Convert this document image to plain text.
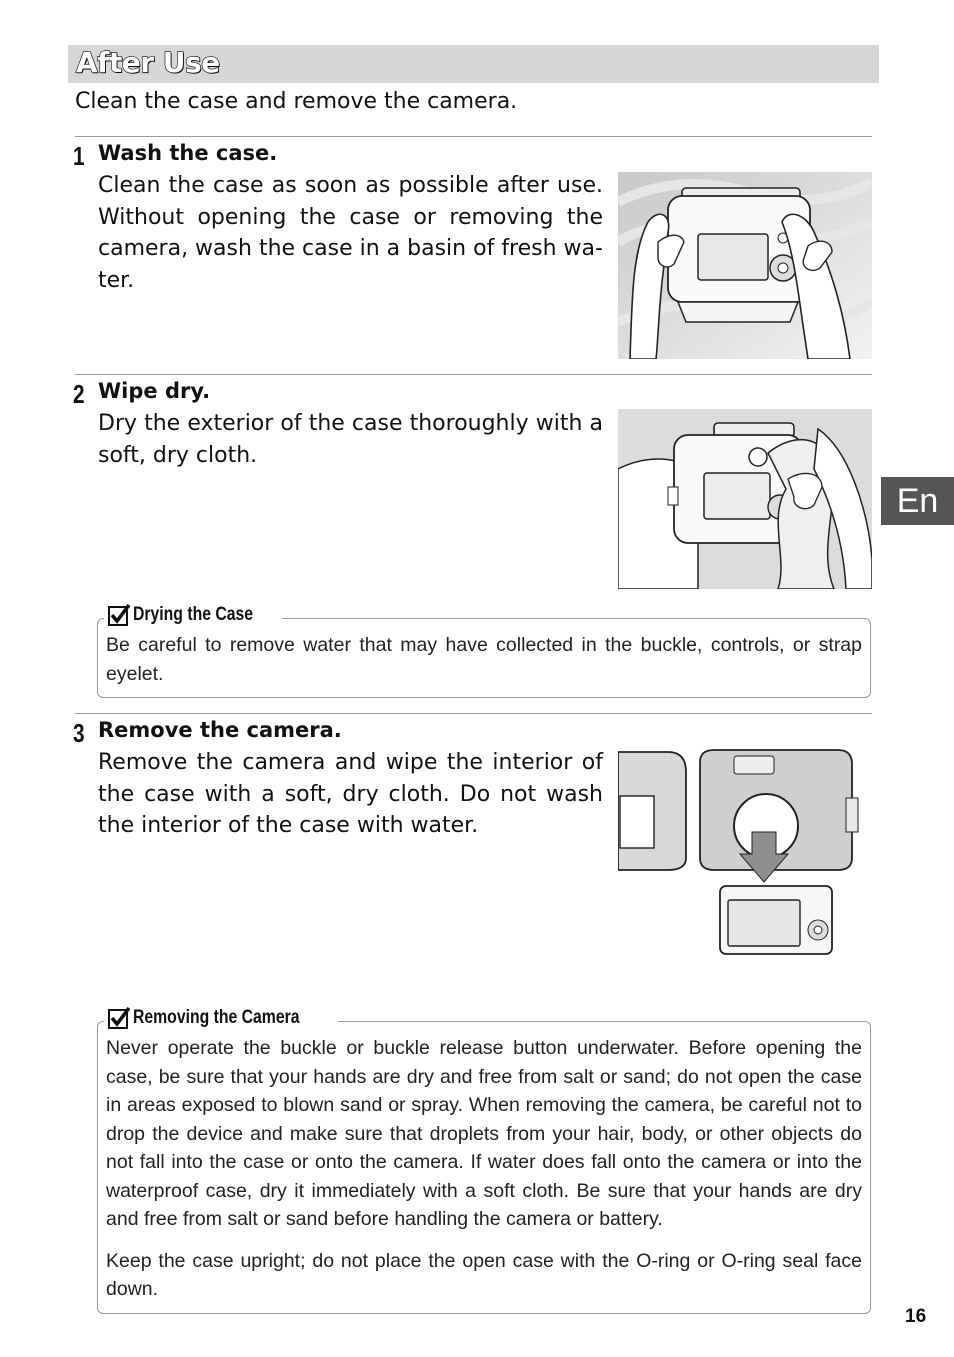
After Use
Clean the case and remove the camera.
1 Wash the case.

Clean the case as soon as possible after use. Without opening the case or removing the camera, wash the case in a basin of fresh water.

2 Wipe dry.

Dry the exterior of the case thoroughly with a soft, dry cloth.

Drying the Case

Be careful to remove water that may have collected in the buckle, controls, or strap eyelet.

3 Remove the camera.

Remove the camera and wipe the interior of the case with a soft, dry cloth. Do not wash the interior of the case with water.

Removing the Camera

Never operate the buckle or buckle release button underwater. Before opening the case, be sure that your hands are dry and free from salt or sand; do not open the case in areas exposed to blown sand or spray. When removing the camera, be careful not to drop the device and make sure that droplets from your hair, body, or other objects do not fall into the case or onto the camera. If water does fall onto the camera or into the waterproof case, dry it immediately with a soft cloth. Be sure that your hands are dry and free from salt or sand before handling the camera or battery.

Keep the case upright; do not place the open case with the O-ring or O-ring seal face down.

En
16
